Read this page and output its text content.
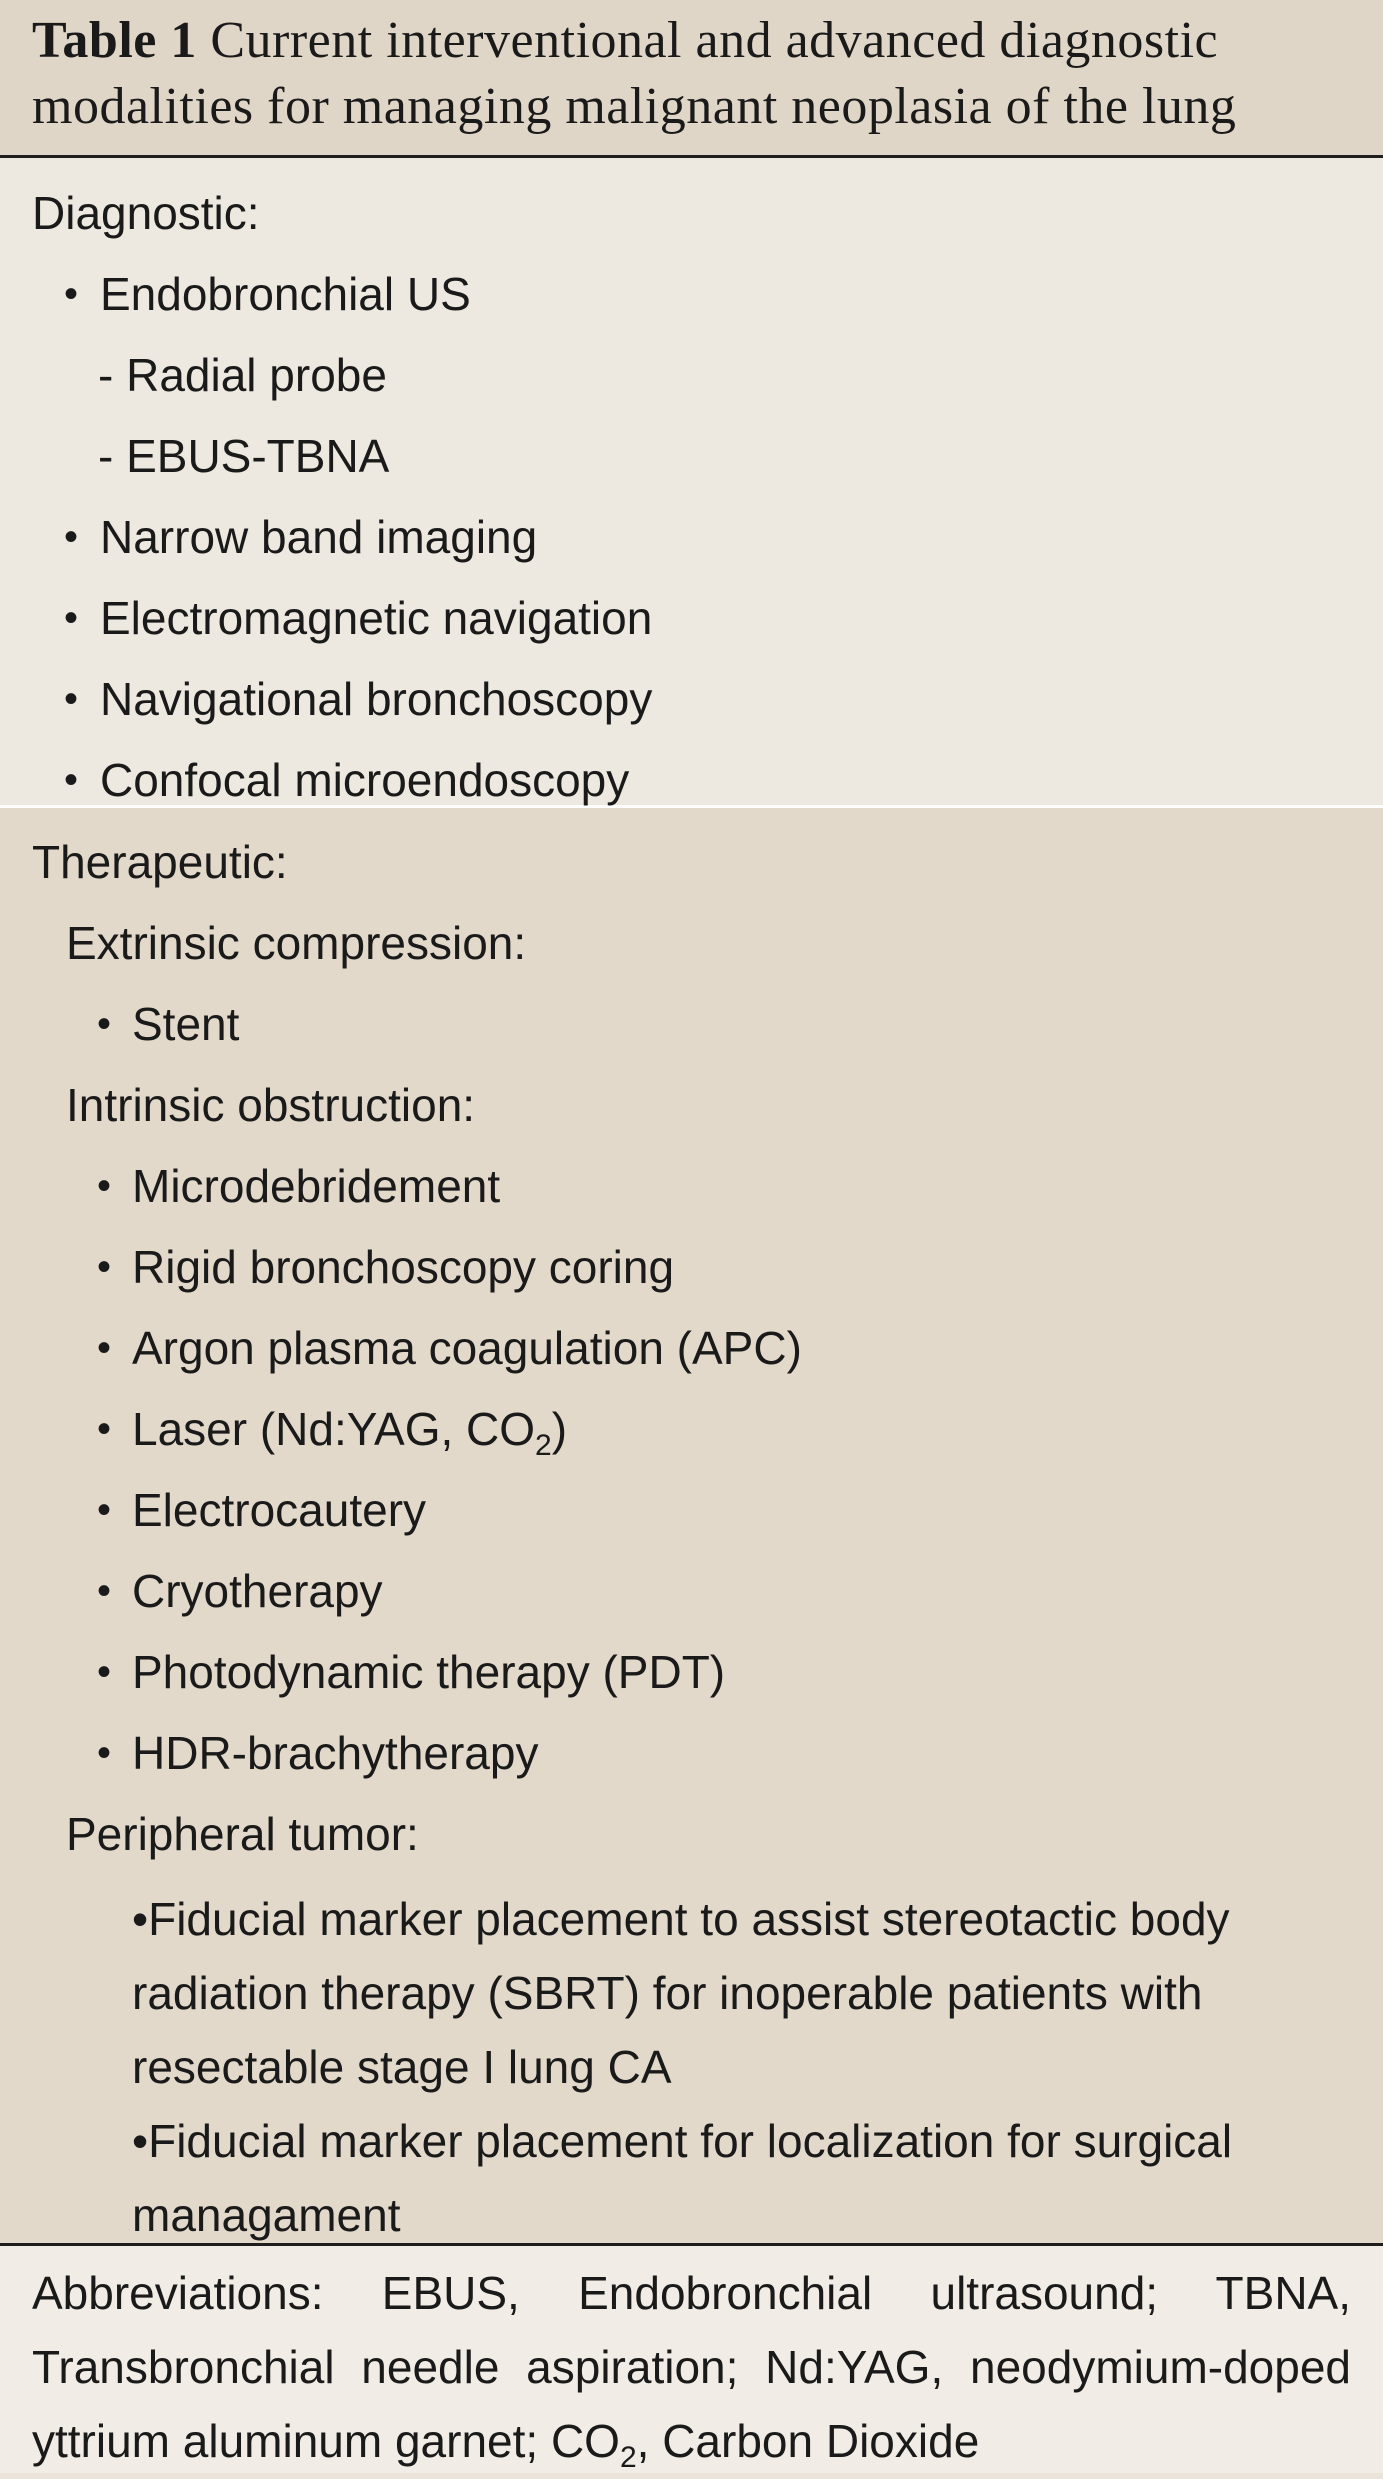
Table 1 Current interventional and advanced diagnostic modalities for managing malignant neoplasia of the lung
Diagnostic:
• Endobronchial US
- Radial probe
- EBUS-TBNA
• Narrow band imaging
• Electromagnetic navigation
• Navigational bronchoscopy
• Confocal microendoscopy
Therapeutic:
Extrinsic compression:
• Stent
Intrinsic obstruction:
• Microdebridement
• Rigid bronchoscopy coring
• Argon plasma coagulation (APC)
• Laser (Nd:YAG, $CO_2$)
• Electrocautery
• Cryotherapy
• Photodynamic therapy (PDT)
• HDR-brachytherapy
Peripheral tumor:
•Fiducial marker placement to assist stereotactic body radiation therapy (SBRT) for inoperable patients with resectable stage I lung CA
•Fiducial marker placement for localization for surgical managament
Abbreviations: EBUS, Endobronchial ultrasound; TBNA, Transbronchial needle aspiration; Nd:YAG, neodymium-doped yttrium aluminum garnet; $CO_2$, Carbon Dioxide
